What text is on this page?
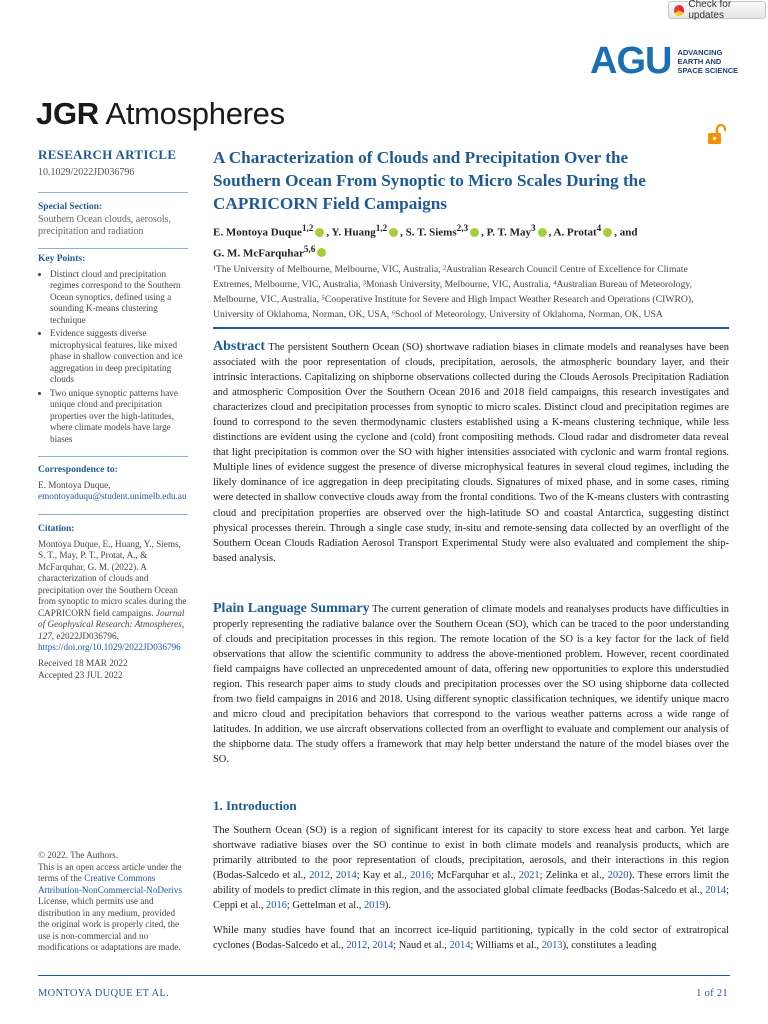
Check for updates
AGU ADVANCING
EARTH AND
SPACE SCIENCE
JGR Atmospheres
RESEARCH ARTICLE
10.1029/2022JD036796
Special Section:
Southern Ocean clouds, aerosols, precipitation and radiation
Key Points:
• Distinct cloud and precipitation regimes correspond to the Southern Ocean synoptics, defined using a sounding K-means clustering technique
• Evidence suggests diverse microphysical features, like mixed phase in shallow convection and ice aggregation in deep precipitating clouds
• Two unique synoptic patterns have unique cloud and precipitation properties over the high-latitudes, where climate models have large biases
Correspondence to:
E. Montoya Duque,
emontoyaduqu@student.unimelb.edu.au
Citation:
Montoya Duque, E., Huang, Y., Siems, S. T., May, P. T., Protat, A., & McFarquhar, G. M. (2022). A characterization of clouds and precipitation over the Southern Ocean from synoptic to micro scales during the CAPRICORN field campaigns. Journal of Geophysical Research: Atmospheres, 127, e2022JD036796. https://doi.org/10.1029/2022JD036796
Received 18 MAR 2022
Accepted 23 JUL 2022
© 2022. The Authors.
This is an open access article under the terms of the Creative Commons Attribution-NonCommercial-NoDerivs License, which permits use and distribution in any medium, provided the original work is properly cited, the use is non-commercial and no modifications or adaptations are made.
A Characterization of Clouds and Precipitation Over the Southern Ocean From Synoptic to Micro Scales During the CAPRICORN Field Campaigns
E. Montoya Duque$^{1,2}$ , Y. Huang$^{1,2}$ , S. T. Siems$^{2,3}$ , P. T. May$^3$ , A. Protat$^4$ , and
G. M. McFarquhar$^{5,6}$
¹The University of Melbourne, Melbourne, VIC, Australia, ²Australian Research Council Centre of Excellence for Climate Extremes, Melbourne, VIC, Australia, ³Monash University, Melbourne, VIC, Australia, ⁴Australian Bureau of Meteorology, Melbourne, VIC, Australia, ⁵Cooperative Institute for Severe and High Impact Weather Research and Operations (CIWRO), University of Oklahoma, Norman, OK, USA, ⁶School of Meteorology, University of Oklahoma, Norman, OK, USA
Abstract The persistent Southern Ocean (SO) shortwave radiation biases in climate models and reanalyses have been associated with the poor representation of clouds, precipitation, aerosols, the atmospheric boundary layer, and their intrinsic interactions. Capitalizing on shipborne observations collected during the Clouds Aerosols Precipitation Radiation and atmospheric Composition Over the Southern Ocean 2016 and 2018 field campaigns, this research investigates and characterizes cloud and precipitation processes from synoptic to micro scales. Distinct cloud and precipitation regimes are found to correspond to the seven thermodynamic clusters established using a K-means clustering technique, while less distinctions are evident using the cyclone and (cold) front compositing methods. Cloud radar and disdrometer data reveal that light precipitation is common over the SO with higher intensities associated with cyclonic and warm frontal regions. Multiple lines of evidence suggest the presence of diverse microphysical features in several cloud regimes, including the likely dominance of ice aggregation in deep precipitating clouds. Signatures of mixed phase, and in some cases, riming were detected in shallow convective clouds away from the frontal conditions. Two of the K-means clusters with contrasting cloud and precipitation properties are observed over the high-latitude SO and coastal Antarctica, suggesting distinct physical processes therein. Through a single case study, in-situ and remote-sensing data collected by an overflight of the Southern Ocean Clouds Radiation Aerosol Transport Experimental Study were also evaluated and complement the ship-based analysis.
Plain Language Summary The current generation of climate models and reanalyses products have difficulties in properly representing the radiative balance over the Southern Ocean (SO), which can be traced to the poor understanding of clouds and precipitation processes in this region. The remote location of the SO is a key factor for the lack of field observations that allow the scientific community to address the above-mentioned problem. However, recent coordinated field campaigns have collected an unprecedented amount of data, offering new opportunities to explore this understudied region. This research paper aims to study clouds and precipitation processes over the SO using shipborne data collected from two field campaigns in 2016 and 2018. Using different synoptic classification techniques, we identify unique macro and micro cloud and precipitation behaviors that correspond to the various weather patterns across a wide range of latitudes. In addition, we use aircraft observations collected from an overflight to evaluate and complement our analysis of the shipborne data. The study offers a framework that may help better understand the nature of the model biases over the SO.
1. Introduction
The Southern Ocean (SO) is a region of significant interest for its capacity to store excess heat and carbon. Yet large shortwave radiative biases over the SO continue to exist in both climate models and reanalysis products, which are primarily attributed to the poor representation of clouds, precipitation, aerosols, and their interactions in this region (Bodas-Salcedo et al., 2012, 2014; Kay et al., 2016; McFarquhar et al., 2021; Zelinka et al., 2020). These errors limit the ability of models to predict climate in this region, and the associated global climate feedbacks (Bodas-Salcedo et al., 2014; Ceppi et al., 2016; Gettelman et al., 2019).
While many studies have found that an incorrect ice-liquid partitioning, typically in the cold sector of extratropical cyclones (Bodas-Salcedo et al., 2012, 2014; Naud et al., 2014; Williams et al., 2013), constitutes a leading
MONTOYA DUQUE ET AL.	1 of 21
